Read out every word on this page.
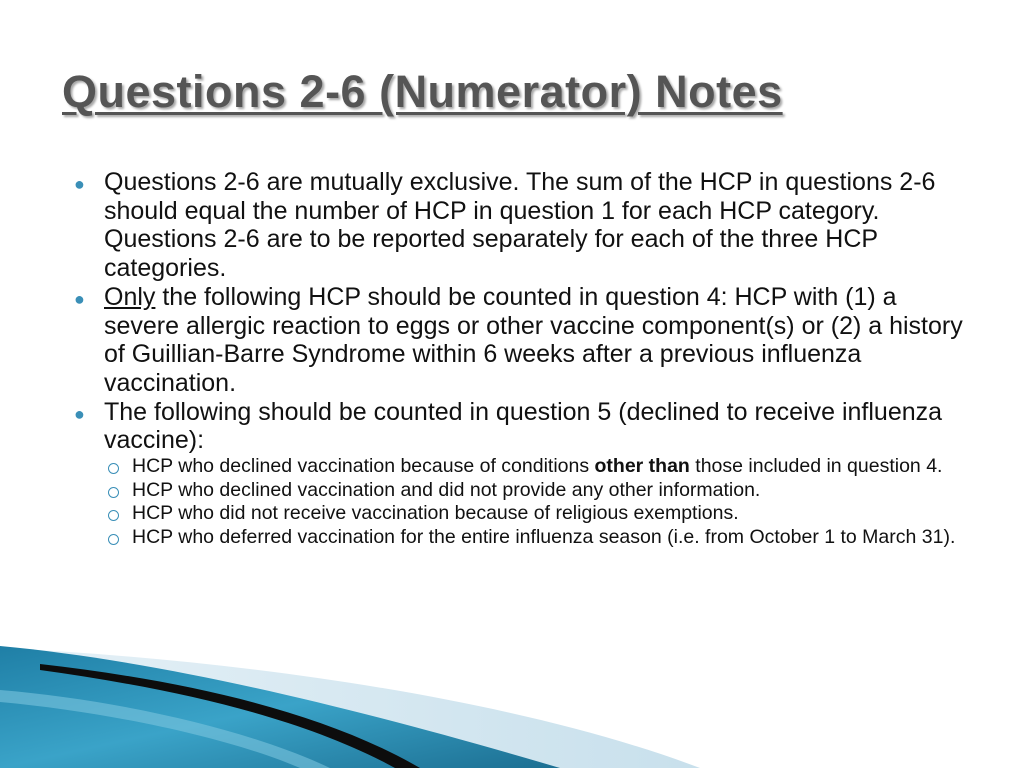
Questions 2-6 (Numerator) Notes

● Questions 2-6 are mutually exclusive. The sum of the HCP in questions 2-6 should equal the number of HCP in question 1 for each HCP category. Questions 2-6 are to be reported separately for each of the three HCP categories.

● Only the following HCP should be counted in question 4: HCP with (1) a severe allergic reaction to eggs or other vaccine component(s) or (2) a history of Guillian-Barre Syndrome within 6 weeks after a previous influenza vaccination.

● The following should be counted in question 5 (declined to receive influenza vaccine):

HCP who declined vaccination because of conditions other than those included in question 4.

HCP who declined vaccination and did not provide any other information.

HCP who did not receive vaccination because of religious exemptions.

HCP who deferred vaccination for the entire influenza season (i.e. from October 1 to March 31).
